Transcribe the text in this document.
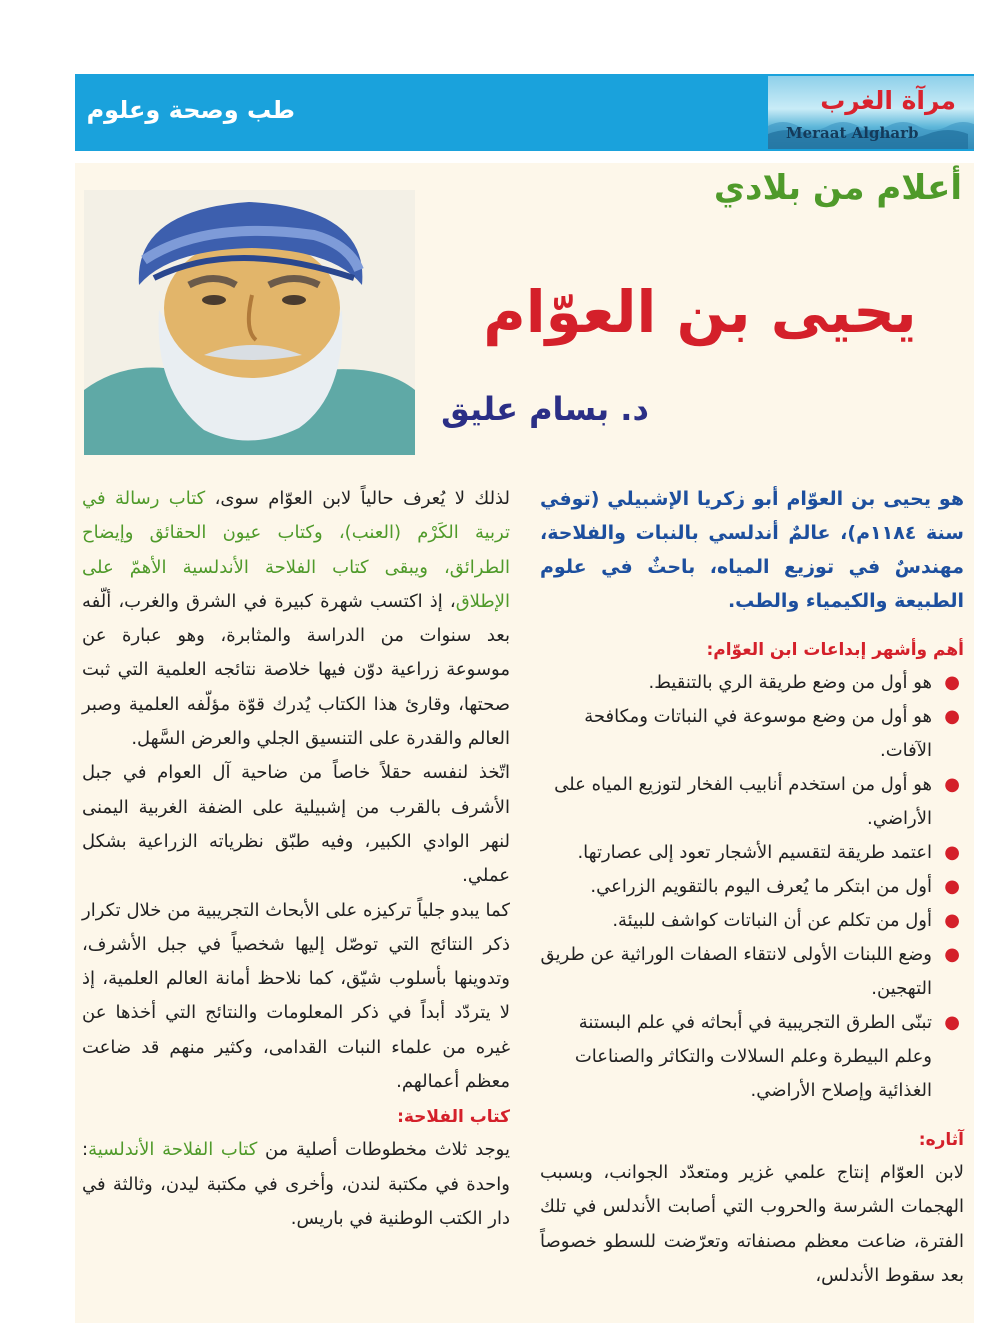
طب وصحة وعلوم	مرآة الغرب
Meraat Algharb
أعلام من بلادي
يحيى بن العوّام
د. بسام عليق

هو يحيى بن العوّام أبو زكريا الإشبيلي (توفي سنة ١١٨٤م)، عالمٌ أندلسي بالنبات والفلاحة، مهندسٌ في توزيع المياه، باحثٌ في علوم الطبيعة والكيمياء والطب.

أهم وأشهر إبداعات ابن العوّام:
●
هو أول من وضع طريقة الري بالتنقيط.
●
هو أول من وضع موسوعة في النباتات ومكافحة الآفات.
●
هو أول من استخدم أنابيب الفخار لتوزيع المياه على الأراضي.
●
اعتمد طريقة لتقسيم الأشجار تعود إلى عصارتها.
●
أول من ابتكر ما يُعرف اليوم بالتقويم الزراعي.
●
أول من تكلم عن أن النباتات كواشف للبيئة.
●
وضع اللبنات الأولى لانتقاء الصفات الوراثية عن طريق التهجين.
●
تبنّى الطرق التجريبية في أبحاثه في علم البستنة وعلم البيطرة وعلم السلالات والتكاثر والصناعات الغذائية وإصلاح الأراضي.
آثاره:

لابن العوّام إنتاج علمي غزير ومتعدّد الجوانب، وبسبب الهجمات الشرسة والحروب التي أصابت الأندلس في تلك الفترة، ضاعت معظم مصنفاته وتعرّضت للسطو خصوصاً بعد سقوط الأندلس،

لذلك لا يُعرف حالياً لابن العوّام سوى، كتاب رسالة في تربية الكَرْم (العنب)، وكتاب عيون الحقائق وإيضاح الطرائق، ويبقى كتاب الفلاحة الأندلسية الأهمّ على الإطلاق، إذ اكتسب شهرة كبيرة في الشرق والغرب، ألّفه بعد سنوات من الدراسة والمثابرة، وهو عبارة عن موسوعة زراعية دوّن فيها خلاصة نتائجه العلمية التي ثبت صحتها، وقارئ هذا الكتاب يُدرك قوّة مؤلّفه العلمية وصبر العالم والقدرة على التنسيق الجلي والعرض السَّهل.

اتّخذ لنفسه حقلاً خاصاً من ضاحية آل العوام في جبل الأشرف بالقرب من إشبيلية على الضفة الغربية اليمنى لنهر الوادي الكبير، وفيه طبّق نظرياته الزراعية بشكل عملي.

كما يبدو جلياً تركيزه على الأبحاث التجريبية من خلال تكرار ذكر النتائج التي توصّل إليها شخصياً في جبل الأشرف، وتدوينها بأسلوب شيّق، كما نلاحظ أمانة العالم العلمية، إذ لا يتردّد أبداً في ذكر المعلومات والنتائج التي أخذها عن غيره من علماء النبات القدامى، وكثير منهم قد ضاعت معظم أعمالهم.

كتاب الفلاحة:

يوجد ثلاث مخطوطات أصلية من كتاب الفلاحة الأندلسية: واحدة في مكتبة لندن، وأخرى في مكتبة ليدن، وثالثة في دار الكتب الوطنية في باريس.
